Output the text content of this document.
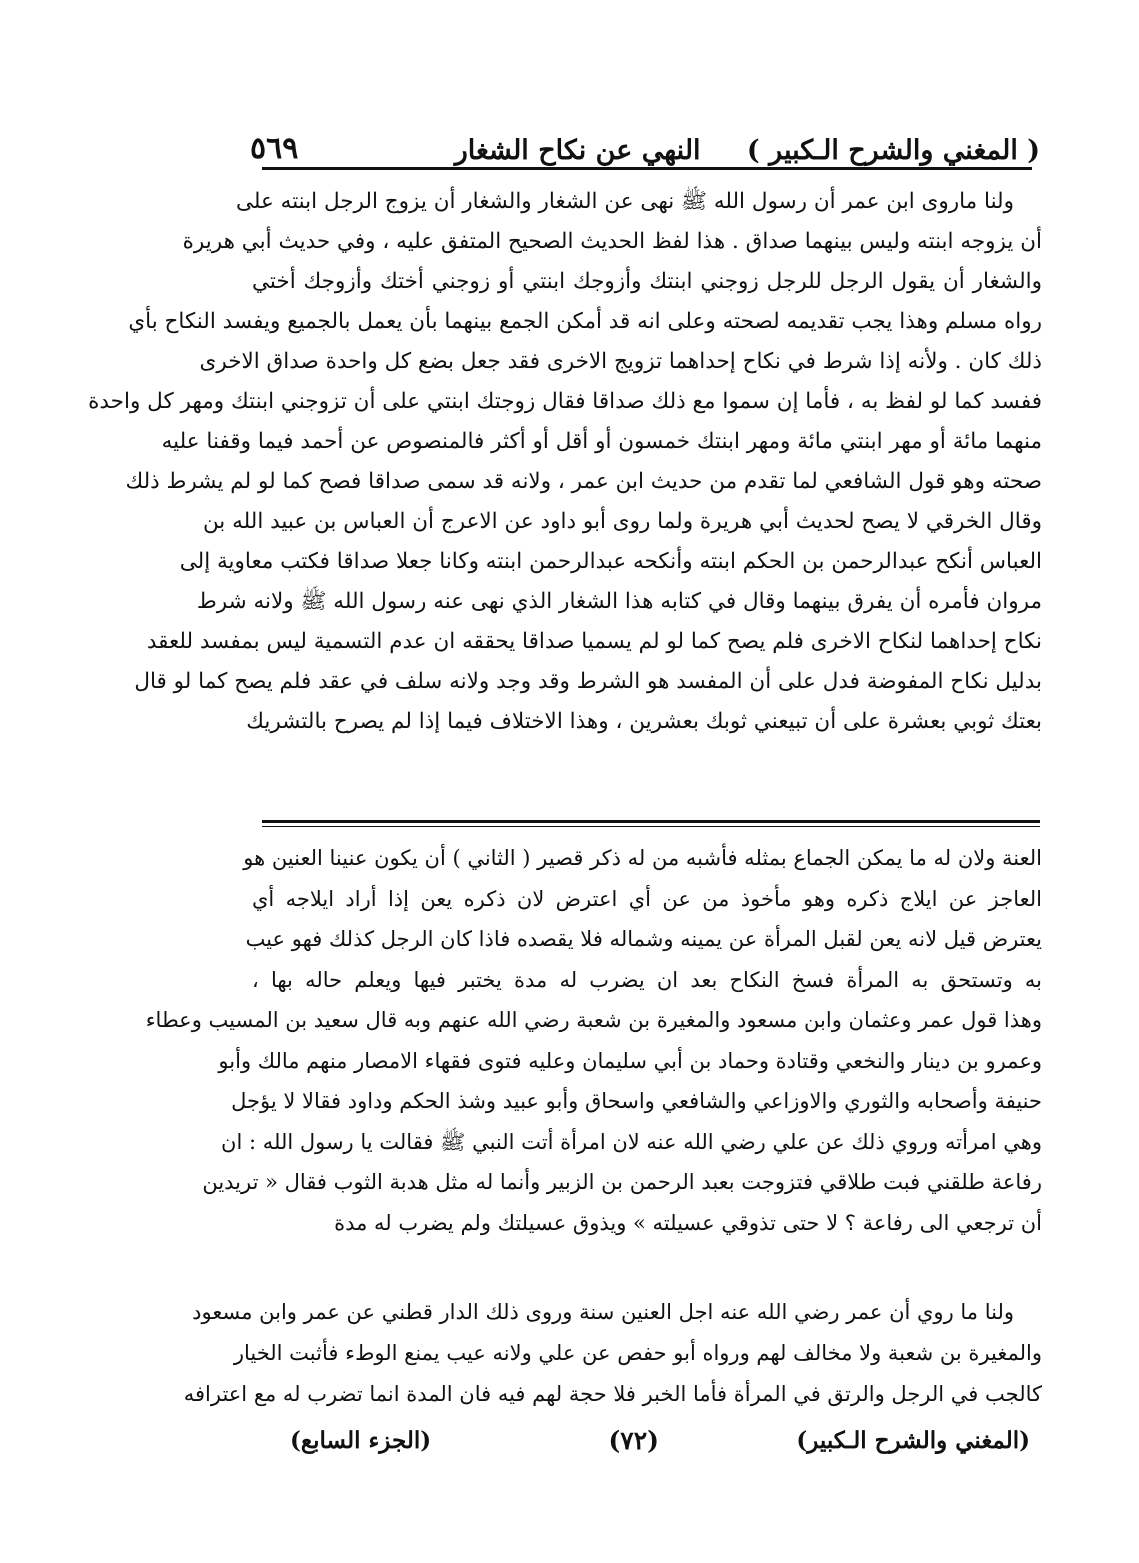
( المغني والشرح الـكبير )
النهي عن نكاح الشغار
٥٦٩
ولنا ماروى ابن عمر أن رسول الله ﷺ نهى عن الشغار والشغار أن يزوج الرجل ابنته على
أن يزوجه ابنته وليس بينهما صداق . هذا لفظ الحديث الصحيح المتفق عليه ، وفي حديث أبي هريرة
والشغار أن يقول الرجل للرجل زوجني ابنتك وأزوجك ابنتي أو زوجني أختك وأزوجك أختي
رواه مسلم وهذا يجب تقديمه لصحته وعلى انه قد أمكن الجمع بينهما بأن يعمل بالجميع ويفسد النكاح بأي
ذلك كان . ولأنه إذا شرط في نكاح إحداهما تزويج الاخرى فقد جعل بضع كل واحدة صداق الاخرى
ففسد كما لو لفظ به ، فأما إن سموا مع ذلك صداقا فقال زوجتك ابنتي على أن تزوجني ابنتك ومهر كل واحدة
منهما مائة أو مهر ابنتي مائة ومهر ابنتك خمسون أو أقل أو أكثر فالمنصوص عن أحمد فيما وقفنا عليه
صحته وهو قول الشافعي لما تقدم من حديث ابن عمر ، ولانه قد سمى صداقا فصح كما لو لم يشرط ذلك
وقال الخرقي لا يصح لحديث أبي هريرة ولما روى أبو داود عن الاعرج أن العباس بن عبيد الله بن
العباس أنكح عبدالرحمن بن الحكم ابنته وأنكحه عبدالرحمن ابنته وكانا جعلا صداقا فكتب معاوية إلى
مروان فأمره أن يفرق بينهما وقال في كتابه هذا الشغار الذي نهى عنه رسول الله ﷺ ولانه شرط
نكاح إحداهما لنكاح الاخرى فلم يصح كما لو لم يسميا صداقا يحققه ان عدم التسمية ليس بمفسد للعقد
بدليل نكاح المفوضة فدل على أن المفسد هو الشرط وقد وجد ولانه سلف في عقد فلم يصح كما لو قال
بعتك ثوبي بعشرة على أن تبيعني ثوبك بعشرين ، وهذا الاختلاف فيما إذا لم يصرح بالتشريك
العنة ولان له ما يمكن الجماع بمثله فأشبه من له ذكر قصير ( الثاني ) أن يكون عنينا العنين هو
العاجز عن ايلاج ذكره وهو مأخوذ من عن أي اعترض لان ذكره يعن إذا أراد ايلاجه أي
يعترض قيل لانه يعن لقبل المرأة عن يمينه وشماله فلا يقصده فاذا كان الرجل كذلك فهو عيب
به وتستحق به المرأة فسخ النكاح بعد ان يضرب له مدة يختبر فيها ويعلم حاله بها ،
وهذا قول عمر وعثمان وابن مسعود والمغيرة بن شعبة رضي الله عنهم وبه قال سعيد بن المسيب وعطاء
وعمرو بن دينار والنخعي وقتادة وحماد بن أبي سليمان وعليه فتوى فقهاء الامصار منهم مالك وأبو
حنيفة وأصحابه والثوري والاوزاعي والشافعي واسحاق وأبو عبيد وشذ الحكم وداود فقالا لا يؤجل
وهي امرأته وروي ذلك عن علي رضي الله عنه لان امرأة أتت النبي ﷺ فقالت يا رسول الله : ان
رفاعة طلقني فبت طلاقي فتزوجت بعبد الرحمن بن الزبير وأنما له مثل هدبة الثوب فقال « تريدين
أن ترجعي الى رفاعة ؟ لا حتى تذوقي عسيلته » ويذوق عسيلتك ولم يضرب له مدة
ولنا ما روي أن عمر رضي الله عنه اجل العنين سنة وروى ذلك الدار قطني عن عمر وابن مسعود
والمغيرة بن شعبة ولا مخالف لهم ورواه أبو حفص عن علي ولانه عيب يمنع الوطء فأثبت الخيار
كالجب في الرجل والرتق في المرأة فأما الخبر فلا حجة لهم فيه فان المدة انما تضرب له مع اعترافه
(المغني والشرح الـكبير)
(٧٢)
(الجزء السابع)
